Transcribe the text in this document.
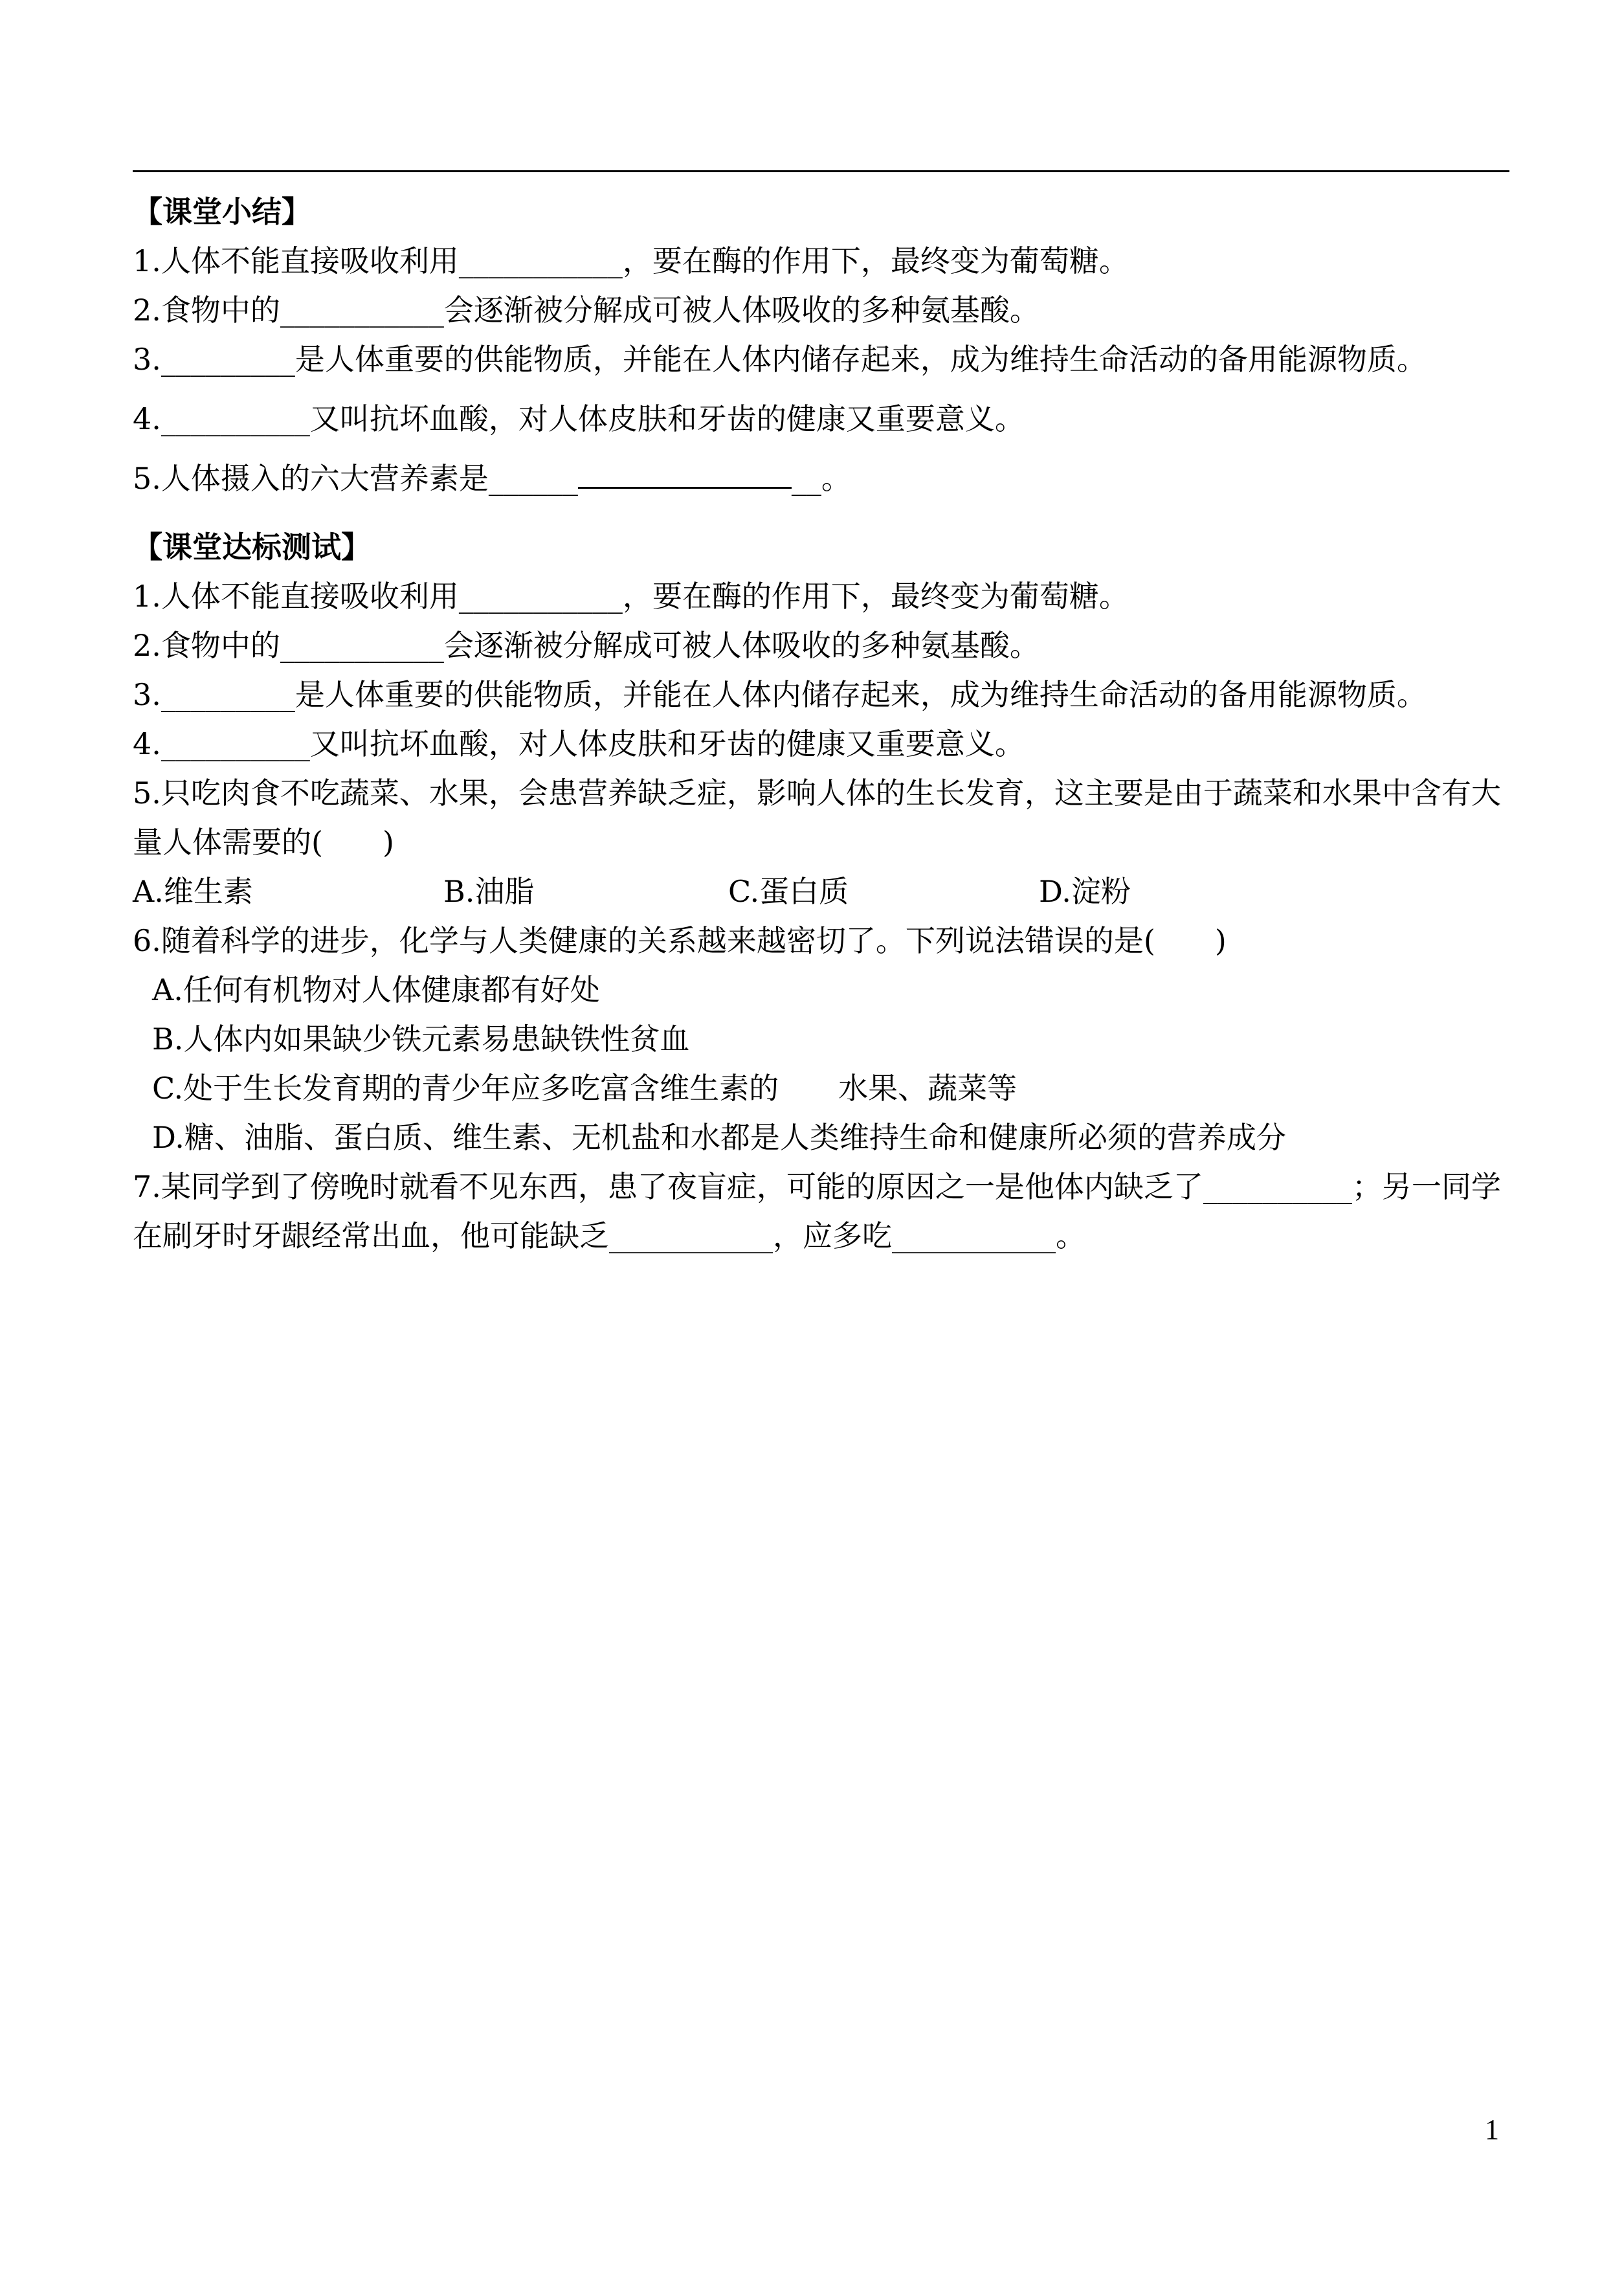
【课堂小结】
1.人体不能直接吸收利用___________，要在酶的作用下，最终变为葡萄糖。
2.食物中的___________会逐渐被分解成可被人体吸收的多种氨基酸。
3._________是人体重要的供能物质，并能在人体内储存起来，成为维持生命活动的备用能源物质。
4.__________又叫抗坏血酸，对人体皮肤和牙齿的健康又重要意义。
5.人体摄入的六大营养素是______	__。
【课堂达标测试】
1.人体不能直接吸收利用___________，要在酶的作用下，最终变为葡萄糖。
2.食物中的___________会逐渐被分解成可被人体吸收的多种氨基酸。
3._________是人体重要的供能物质，并能在人体内储存起来，成为维持生命活动的备用能源物质。
4.__________又叫抗坏血酸，对人体皮肤和牙齿的健康又重要意义。
5.只吃肉食不吃蔬菜、水果，会患营养缺乏症，影响人体的生长发育，这主要是由于蔬菜和水果中含有大量人体需要的(　　)
A.维生素	B.油脂	C.蛋白质	D.淀粉
6.随着科学的进步，化学与人类健康的关系越来越密切了。下列说法错误的是(　　)
A.任何有机物对人体健康都有好处
B.人体内如果缺少铁元素易患缺铁性贫血
C.处于生长发育期的青少年应多吃富含维生素的　　水果、蔬菜等
D.糖、油脂、蛋白质、维生素、无机盐和水都是人类维持生命和健康所必须的营养成分
7.某同学到了傍晚时就看不见东西，患了夜盲症，可能的原因之一是他体内缺乏了__________；另一同学在刷牙时牙龈经常出血，他可能缺乏___________，应多吃___________。
1
